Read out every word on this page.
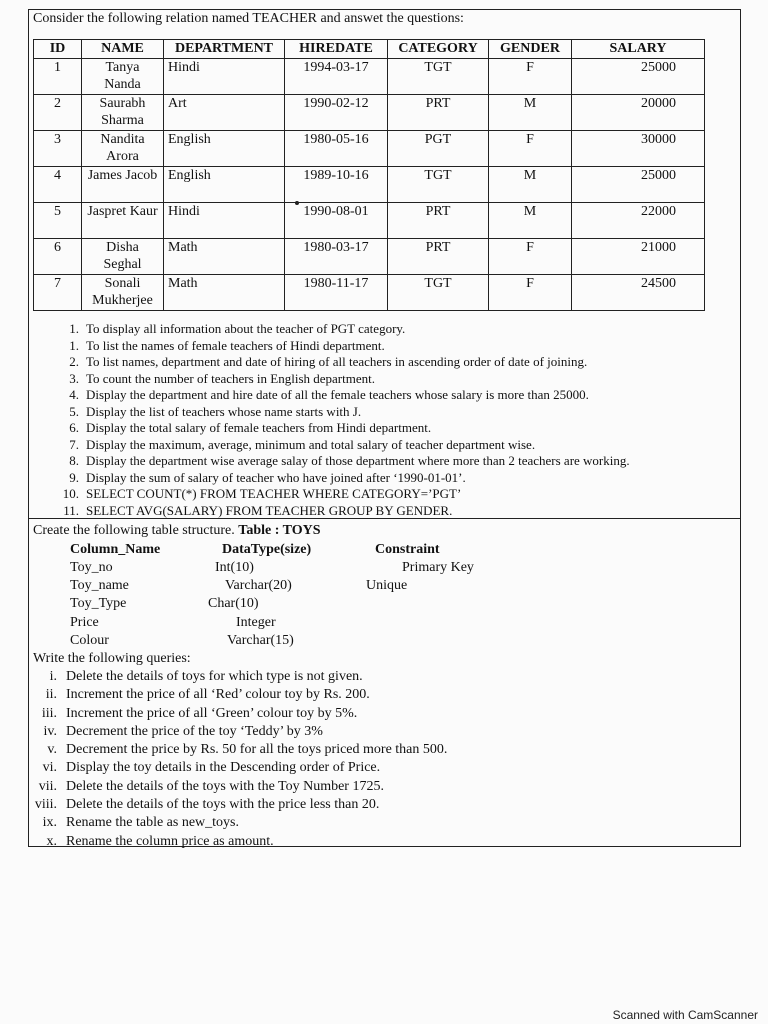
Consider the following relation named TEACHER and answet the questions:
ID	NAME	DEPARTMENT	HIREDATE	CATEGORY	GENDER	SALARY
1	Tanya Nanda	Hindi	1994-03-17	TGT	F	25000
2	Saurabh Sharma	Art	1990-02-12	PRT	M	20000
3	Nandita Arora	English	1980-05-16	PGT	F	30000
4	James Jacob	English	1989-10-16	TGT	M	25000
5	Jaspret Kaur	Hindi	1990-08-01	PRT	M	22000
6	Disha Seghal	Math	1980-03-17	PRT	F	21000
7	Sonali Mukherjee	Math	1980-11-17	TGT	F	24500
1. To display all information about the teacher of PGT category.
1. To list the names of female teachers of Hindi department.
2. To list names, department and date of hiring of all teachers in ascending order of date of joining.
3. To count the number of teachers in English department.
4. Display the department and hire date of all the female teachers whose salary is more than 25000.
5. Display the list of teachers whose name starts with J.
6. Display the total salary of female teachers from Hindi department.
7. Display the maximum, average, minimum and total salary of teacher department wise.
8. Display the department wise average salay of those department where more than 2 teachers are working.
9. Display the sum of salary of teacher who have joined after ‘1990-01-01’.
10. SELECT COUNT(*) FROM TEACHER WHERE CATEGORY=’PGT’
11. SELECT AVG(SALARY) FROM TEACHER GROUP BY GENDER.
Create the following table structure. Table : TOYS
Column_Name	DataType(size)	Constraint
Toy_no	Int(10)	Primary Key
Toy_name	Varchar(20)	Unique
Toy_Type	Char(10)
Price	Integer
Colour	Varchar(15)
Write the following queries:
i. Delete the details of toys for which type is not given.
ii. Increment the price of all ‘Red’ colour toy by Rs. 200.
iii. Increment the price of all ‘Green’ colour toy by 5%.
iv. Decrement the price of the toy ‘Teddy’ by 3%
v. Decrement the price by Rs. 50 for all the toys priced more than 500.
vi. Display the toy details in the Descending order of Price.
vii. Delete the details of the toys with the Toy Number 1725.
viii. Delete the details of the toys with the price less than 20.
ix. Rename the table as new_toys.
x. Rename the column price as amount.
Scanned with CamScanner
